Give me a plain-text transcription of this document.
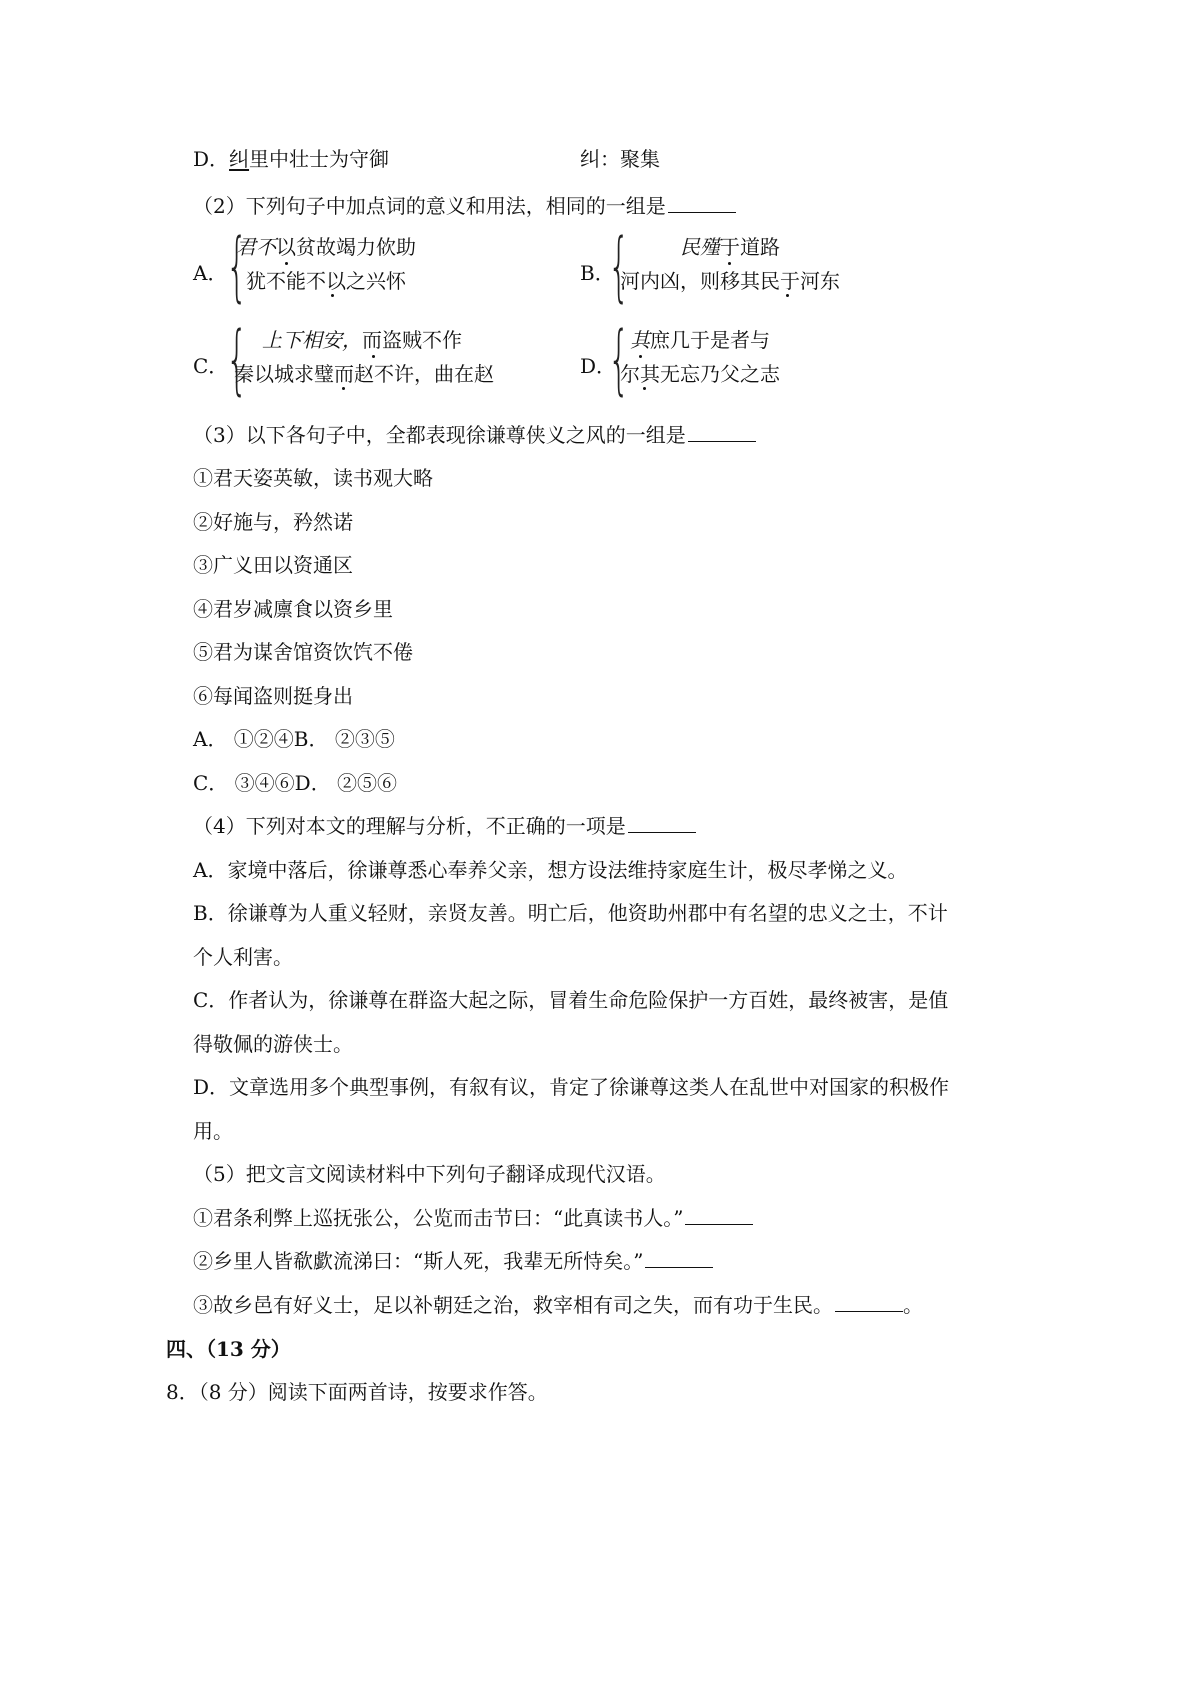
D．纠里中壮士为守御	纠：聚集
（2）下列句子中加点词的意义和用法，相同的一组是
A．
{
君不以贫故竭力佽助
犹不能不以之兴怀	B．
{	民殣于道路
河内凶，则移其民于河东
C．
{ 上下相安，而盗贼不作
秦以城求璧而赵不许，曲在赵	D．
{ 其庶几于是者与
尔其无忘乃父之志
（3）以下各句子中，全都表现徐谦尊侠义之风的一组是
①君天姿英敏，读书观大略
②好施与，矜然诺
③广义田以资通区
④君岁减廪食以资乡里
⑤君为谋舍馆资饮饩不倦
⑥每闻盗则挺身出
A． ①②④B． ②③⑤
C． ③④⑥D． ②⑤⑥
（4）下列对本文的理解与分析，不正确的一项是
A．家境中落后，徐谦尊悉心奉养父亲，想方设法维持家庭生计，极尽孝悌之义。
B．徐谦尊为人重义轻财，亲贤友善。明亡后，他资助州郡中有名望的忠义之士，不计
个人利害。
C．作者认为，徐谦尊在群盗大起之际，冒着生命危险保护一方百姓，最终被害，是值
得敬佩的游侠士。
D．文章选用多个典型事例，有叙有议，肯定了徐谦尊这类人在乱世中对国家的积极作
用。
（5）把文言文阅读材料中下列句子翻译成现代汉语。
①君条利弊上巡抚张公，公览而击节曰：“此真读书人。”
②乡里人皆欷歔流涕曰：“斯人死，我辈无所恃矣。”
③故乡邑有好义士，足以补朝廷之治，救宰相有司之失，而有功于生民。	。
四、（13 分）
8．（8 分）阅读下面两首诗，按要求作答。
